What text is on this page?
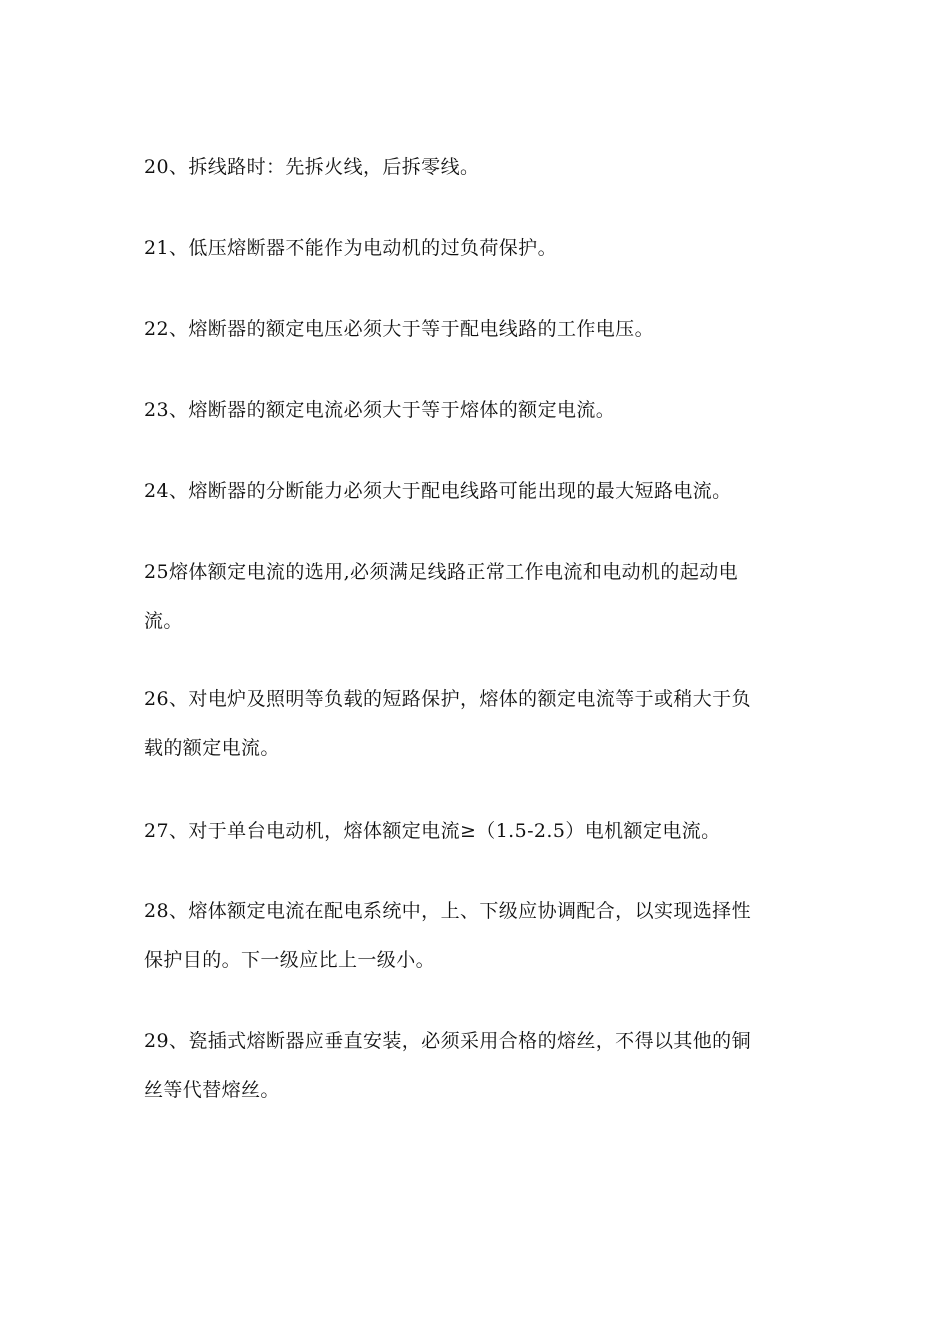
20、拆线路时：先拆火线，后拆零线。

21、低压熔断器不能作为电动机的过负荷保护。

22、熔断器的额定电压必须大于等于配电线路的工作电压。

23、熔断器的额定电流必须大于等于熔体的额定电流。

24、熔断器的分断能力必须大于配电线路可能出现的最大短路电流。

25熔体额定电流的选用,必须满足线路正常工作电流和电动机的起动电
流。

26、对电炉及照明等负载的短路保护，熔体的额定电流等于或稍大于负
载的额定电流。

27、对于单台电动机，熔体额定电流≥（1.5-2.5）电机额定电流。

28、熔体额定电流在配电系统中，上、下级应协调配合，以实现选择性
保护目的。下一级应比上一级小。

29、瓷插式熔断器应垂直安装，必须采用合格的熔丝，不得以其他的铜
丝等代替熔丝。
